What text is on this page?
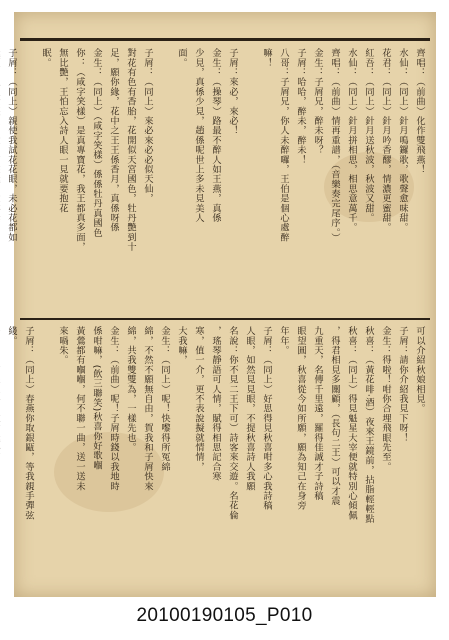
齊唱：（前曲）化作雙飛燕！
水仙：（同上）針月鳴鑼歌，歌聲愈味甜。
花君：（同上）針月吟香醪，情濃更蜜甜。
紅吾：（同上）針月送秋波，秋波又甜。
水仙：（同上）針月拼相思，相思意萬千。
齊唱：（前曲）情再重譜，（音樂奏完尾序。）
金生：子屑兄，醉未呀？
子屑：哈哈，醉未，醉未！
八哥：子屑兄，你人未醉囉，王伯是個心處醉
嘛！
子屑：來必，來必！
金生：（操琴）路最不醉人如王燕，真係
少見，真係少見，趙係呢世上多未見美人
面。
子屑：（同上）來必來必必似天仙，
對花有色有香胎，花開似天宮國色，牡丹艷到十
足，願你緣，花中之王王係香月，真係呀係
金生：（同上）（咸字笑樣）係係牡丹真國色
你：（咸字笑樣）是真專寶花，我王都真多面，
無比艷，王怕忘入詩人眼一見就要抱花
眠。
子屑：（同上）親使我試花花眼，未必花都如
可以介紹秋娘相見。
子屑：請你介紹我見下呀！
金生：得啦！咁你合埋飛眼先至。
秋喜：（黃花啡·酒）夜來王鏡前，拈脂輕輕點
秋喜：（同上）得見魁星大宰便就特別心傾佩
，得君相見多關顧，（長句二王）可以才震
九重天，名傳千里遠，羅得佳誠才子詩稿
眼望圓，秋喜從今如所願，願為知己在身旁
年年。
子屑：（同上）好思得見秋喜咁多心我詩稿
人眼，如然見見眼，不提秋喜詩人我願
名說：你不見二王下可）詩客來交遊。名花倫
，瑤琴靜語可人情，賦得相思記合寒
寒，值一介，更不表說擬就情情，
大我嘛，
金生：（同上）呢！快嚟得所冤綿
綿，不然不願無自由，賀我和子屑快來
綿，共我雙雙為，一樣先也。
金生：（前曲）呢！子屑時錢以我地時
係咁嘛，(飲三聯笑)秋喜你好歌嗰
黃鶯都有嗰嗰，何不聯一曲，送一送未
來喎朱。
子屑：（同上）春燕你取銀甌，等我親手彈弦
綫。
20100190105_P010
